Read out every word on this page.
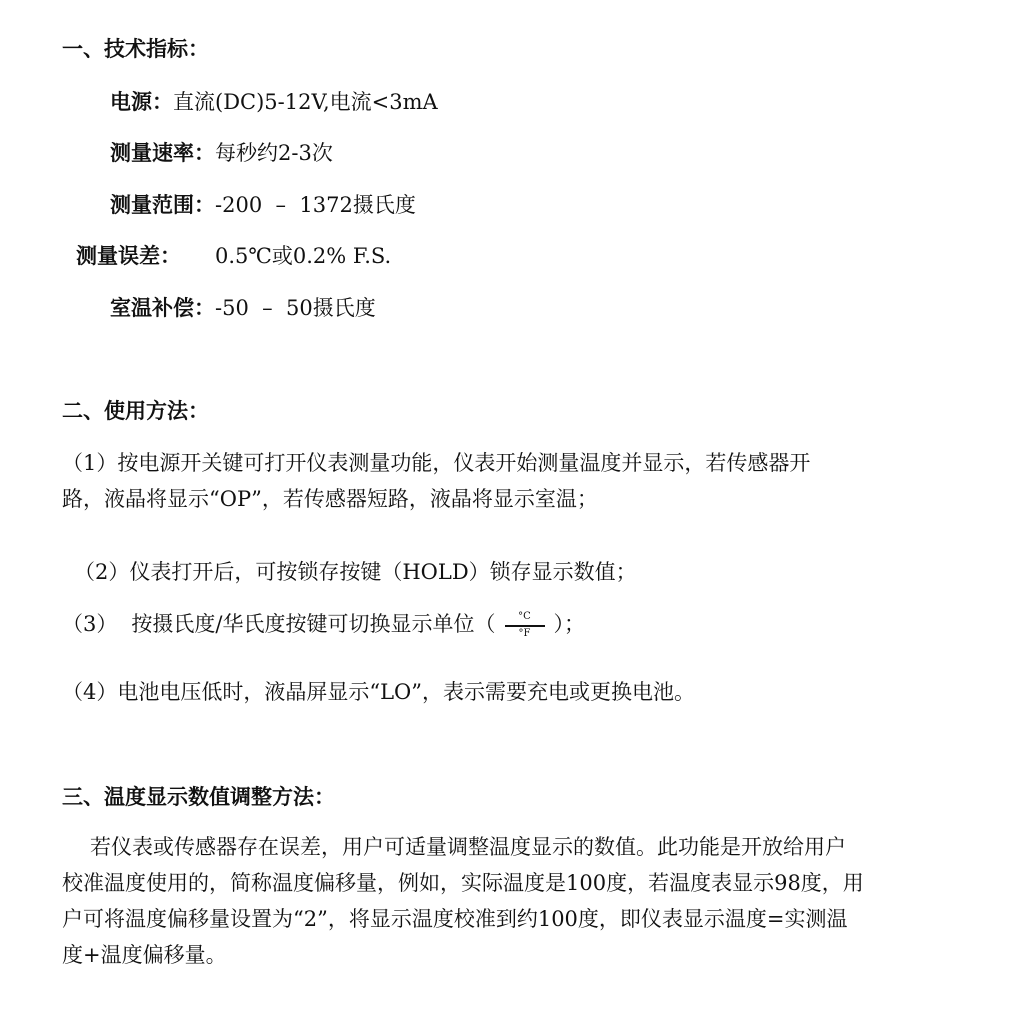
一、技术指标：
电源：直流(DC)5-12V,电流<3mA
测量速率：每秒约2-3次
测量范围：-200  –  1372摄氏度
测量误差： 0.5℃或0.2% F.S.
室温补偿：-50  –  50摄氏度
二、使用方法：
（1）按电源开关键可打开仪表测量功能，仪表开始测量温度并显示，若传感器开
路，液晶将显示“OP”，若传感器短路，液晶将显示室温；
（2）仪表打开后，可按锁存按键（HOLD）锁存显示数值；
（3） 按摄氏度/华氏度按键可切换显示单位（ $\frac{^\circ C}{^\circ F}$ ）；
（4）电池电压低时，液晶屏显示“LO”，表示需要充电或更换电池。
三、温度显示数值调整方法：
若仪表或传感器存在误差，用户可适量调整温度显示的数值。此功能是开放给用户
校准温度使用的，简称温度偏移量，例如，实际温度是100度，若温度表显示98度，用
户可将温度偏移量设置为“2”，将显示温度校准到约100度，即仪表显示温度=实测温
度+温度偏移量。
